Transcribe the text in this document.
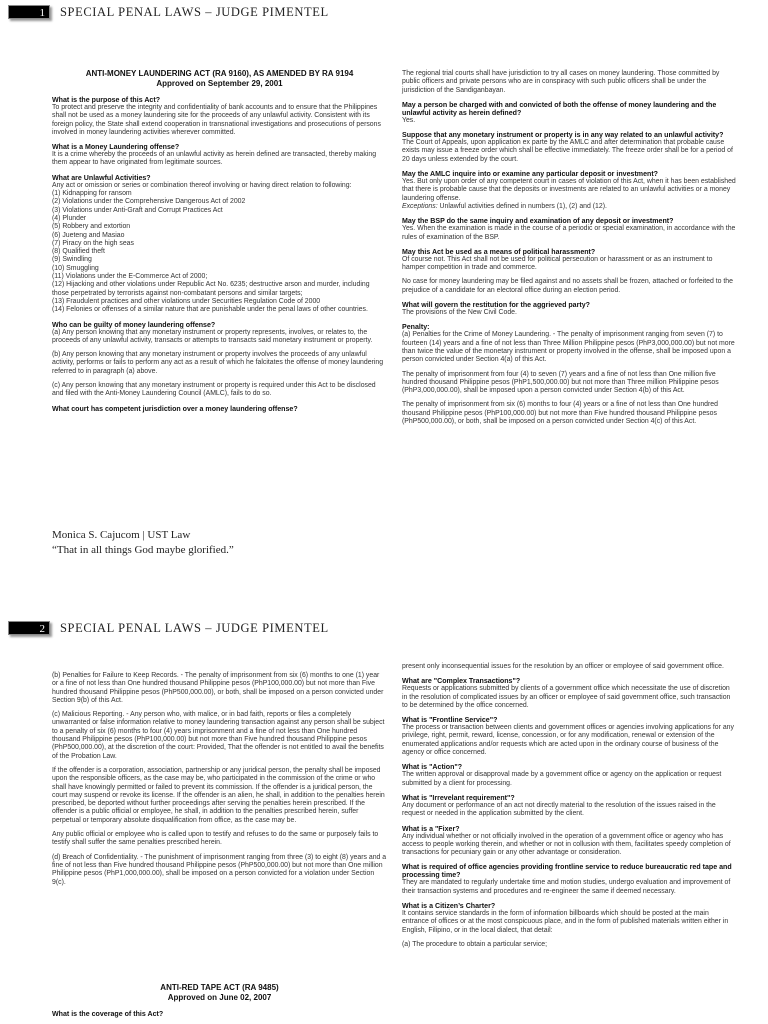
1	SPECIAL PENAL LAWS – JUDGE PIMENTEL
ANTI-MONEY LAUNDERING ACT (RA 9160), AS AMENDED BY RA 9194
Approved on September 29, 2001
What is the purpose of this Act?
To protect and preserve the integrity and confidentiality of bank accounts and to ensure that the Philippines shall not be used as a money laundering site for the proceeds of any unlawful activity. Consistent with its foreign policy, the State shall extend cooperation in transnational investigations and prosecutions of persons involved in money laundering activities wherever committed.
What is a Money Laundering offense?
It is a crime whereby the proceeds of an unlawful activity as herein defined are transacted, thereby making them appear to have originated from legitimate sources.
What are Unlawful Activities?
Any act or omission or series or combination thereof involving or having direct relation to following:
(1) Kidnapping for ransom
(2) Violations under the Comprehensive Dangerous Act of 2002
(3) Violations under Anti-Graft and Corrupt Practices Act
(4) Plunder
(5) Robbery and extortion
(6) Jueteng and Masiao
(7) Piracy on the high seas
(8) Qualified theft
(9) Swindling
(10) Smuggling
(11) Violations under the E-Commerce Act of 2000;
(12) Hijacking and other violations under Republic Act No. 6235; destructive arson and murder, including those perpetrated by terrorists against non-combatant persons and similar targets;
(13) Fraudulent practices and other violations under Securities Regulation Code of 2000
(14) Felonies or offenses of a similar nature that are punishable under the penal laws of other countries.
Who can be guilty of money laundering offense?
(a) Any person knowing that any monetary instrument or property represents, involves, or relates to, the proceeds of any unlawful activity, transacts or attempts to transacts said monetary instrument or property.
(b) Any person knowing that any monetary instrument or property involves the proceeds of any unlawful activity, performs or fails to perform any act as a result of which he falcitates the offense of money laundering referred to in paragraph (a) above.
(c) Any person knowing that any monetary instrument or property is required under this Act to be disclosed and filed with the Anti-Money Laundering Council (AMLC), fails to do so.
What court has competent jurisdiction over a money laundering offense?
The regional trial courts shall have jurisdiction to try all cases on money laundering. Those committed by public officers and private persons who are in conspiracy with such public officers shall be under the jurisdiction of the Sandiganbayan.
May a person be charged with and convicted of both the offense of money laundering and the unlawful activity as herein defined?
Yes.
Suppose that any monetary instrument or property is in any way related to an unlawful activity?
The Court of Appeals, upon application ex parte by the AMLC and after determination that probable cause exists may issue a freeze order which shall be effective immediately. The freeze order shall be for a period of 20 days unless extended by the court.
May the AMLC inquire into or examine any particular deposit or investment?
Yes. But only upon order of any competent court in cases of violation of this Act, when it has been established that there is probable cause that the deposits or investments are related to an unlawful activities or a money laundering offense.
Exceptions: Unlawful activities defined in numbers (1), (2) and (12).
May the BSP do the same inquiry and examination of any deposit or investment?
Yes. When the examination is made in the course of a periodic or special examination, in accordance with the rules of examination of the BSP.
May this Act be used as a means of political harassment?
Of course not. This Act shall not be used for political persecution or harassment or as an instrument to hamper competition in trade and commerce.
No case for money laundering may be filed against and no assets shall be frozen, attached or forfeited to the prejudice of a candidate for an electoral office during an election period.
What will govern the restitution for the aggrieved party?
The provisions of the New Civil Code.
Penalty:
(a) Penalties for the Crime of Money Laundering. - The penalty of imprisonment ranging from seven (7) to fourteen (14) years and a fine of not less than Three Million Philippine pesos (PhP3,000,000.00) but not more than twice the value of the monetary instrument or property involved in the offense, shall be imposed upon a person convicted under Section 4(a) of this Act.
The penalty of imprisonment from four (4) to seven (7) years and a fine of not less than One million five hundred thousand Philippine pesos (PhP1,500,000.00) but not more than Three million Philippine pesos (PhP3,000,000.00), shall be imposed upon a person convicted under Section 4(b) of this Act.
The penalty of imprisonment from six (6) months to four (4) years or a fine of not less than One hundred thousand Philippine pesos (PhP100,000.00) but not more than Five hundred thousand Philippine pesos (PhP500,000.00), or both, shall be imposed on a person convicted under Section 4(c) of this Act.
Monica S. Cajucom | UST Law
“That in all things God maybe glorified.”
2	SPECIAL PENAL LAWS – JUDGE PIMENTEL
(b) Penalties for Failure to Keep Records. - The penalty of imprisonment from six (6) months to one (1) year or a fine of not less than One hundred thousand Philippine pesos (PhP100,000.00) but not more than Five hundred thousand Philippine pesos (PhP500,000.00), or both, shall be imposed on a person convicted under Section 9(b) of this Act.
(c) Malicious Reporting. - Any person who, with malice, or in bad faith, reports or files a completely unwarranted or false information relative to money laundering transaction against any person shall be subject to a penalty of six (6) months to four (4) years imprisonment and a fine of not less than One hundred thousand Philippine pesos (PhP100,000.00) but not more than Five hundred thousand Philippine pesos (PhP500,000.00), at the discretion of the court: Provided, That the offender is not entitled to avail the benefits of the Probation Law.
If the offender is a corporation, association, partnership or any juridical person, the penalty shall be imposed upon the responsible officers, as the case may be, who participated in the commission of the crime or who shall have knowingly permitted or failed to prevent its commission. If the offender is a juridical person, the court may suspend or revoke its license. If the offender is an alien, he shall, in addition to the penalties herein prescribed, be deported without further proceedings after serving the penalties herein prescribed. If the offender is a public official or employee, he shall, in addition to the penalties prescribed herein, suffer perpetual or temporary absolute disqualification from office, as the case may be.
Any public official or employee who is called upon to testify and refuses to do the same or purposely fails to testify shall suffer the same penalties prescribed herein.
(d) Breach of Confidentiality. - The punishment of imprisonment ranging from three (3) to eight (8) years and a fine of not less than Five hundred thousand Philippine pesos (PhP500,000.00) but not more than One million Philippine pesos (PhP1,000,000.00), shall be imposed on a person convicted for a violation under Section 9(c).
ANTI-RED TAPE ACT (RA 9485)
Approved on June 02, 2007
What is the coverage of this Act?
present only inconsequential issues for the resolution by an officer or employee of said government office.
What are "Complex Transactions"?
Requests or applications submitted by clients of a government office which necessitate the use of discretion in the resolution of complicated issues by an officer or employee of said government office, such transaction to be determined by the office concerned.
What is "Frontline Service"?
The process or transaction between clients and government offices or agencies involving applications for any privilege, right, permit, reward, license, concession, or for any modification, renewal or extension of the enumerated applications and/or requests which are acted upon in the ordinary course of business of the agency or office concerned.
What is "Action"?
The written approval or disapproval made by a government office or agency on the application or request submitted by a client for processing.
What is "Irrevelant requirement"?
Any document or performance of an act not directly material to the resolution of the issues raised in the request or needed in the application submitted by the client.
What is a "Fixer?
Any individual whether or not officially involved in the operation of a government office or agency who has access to people working therein, and whether or not in collusion with them, facilitates speedy completion of transactions for pecuniary gain or any other advantage or consideration.
What is required of office agencies providing frontline service to reduce bureaucratic red tape and processing time?
They are mandated to regularly undertake time and motion studies, undergo evaluation and improvement of their transaction systems and procedures and re-engineer the same if deemed necessary.
What is a Citizen’s Charter?
It contains service standards in the form of information billboards which should be posted at the main entrance of offices or at the most conspicuous place, and in the form of published materials written either in English, Filipino, or in the local dialect, that detail:
(a) The procedure to obtain a particular service;
